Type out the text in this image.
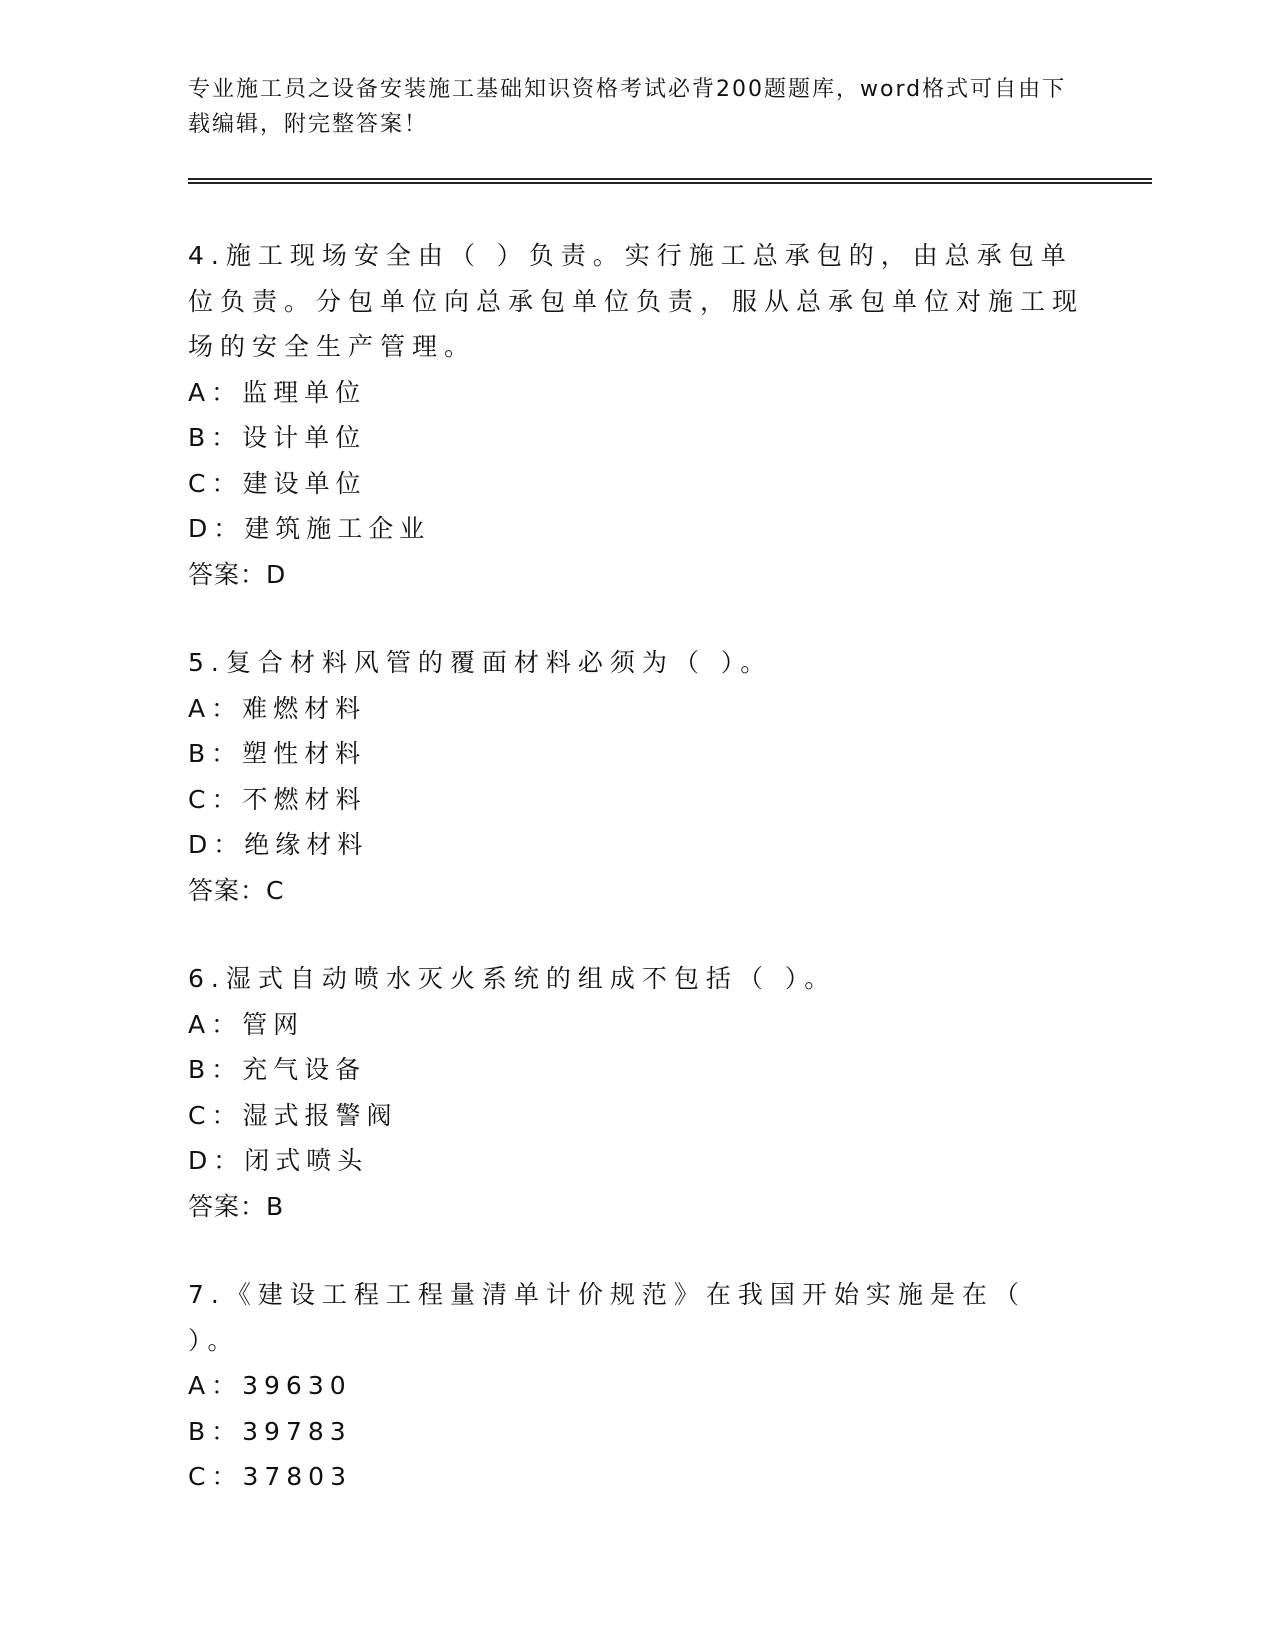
专业施工员之设备安装施工基础知识资格考试必背200题题库，word格式可自由下载编辑，附完整答案！

4.施工现场安全由（ ）负责。实行施工总承包的，由总承包单位负责。分包单位向总承包单位负责，服从总承包单位对施工现场的安全生产管理。

A：监理单位

B：设计单位

C：建设单位

D：建筑施工企业

答案：D

5.复合材料风管的覆面材料必须为（ ）。

A：难燃材料

B：塑性材料

C：不燃材料

D：绝缘材料

答案：C

6.湿式自动喷水灭火系统的组成不包括（ ）。

A：管网

B：充气设备

C：湿式报警阀

D：闭式喷头

答案：B

7.《建设工程工程量清单计价规范》在我国开始实施是在（ ）。

A：39630

B：39783

C：37803
